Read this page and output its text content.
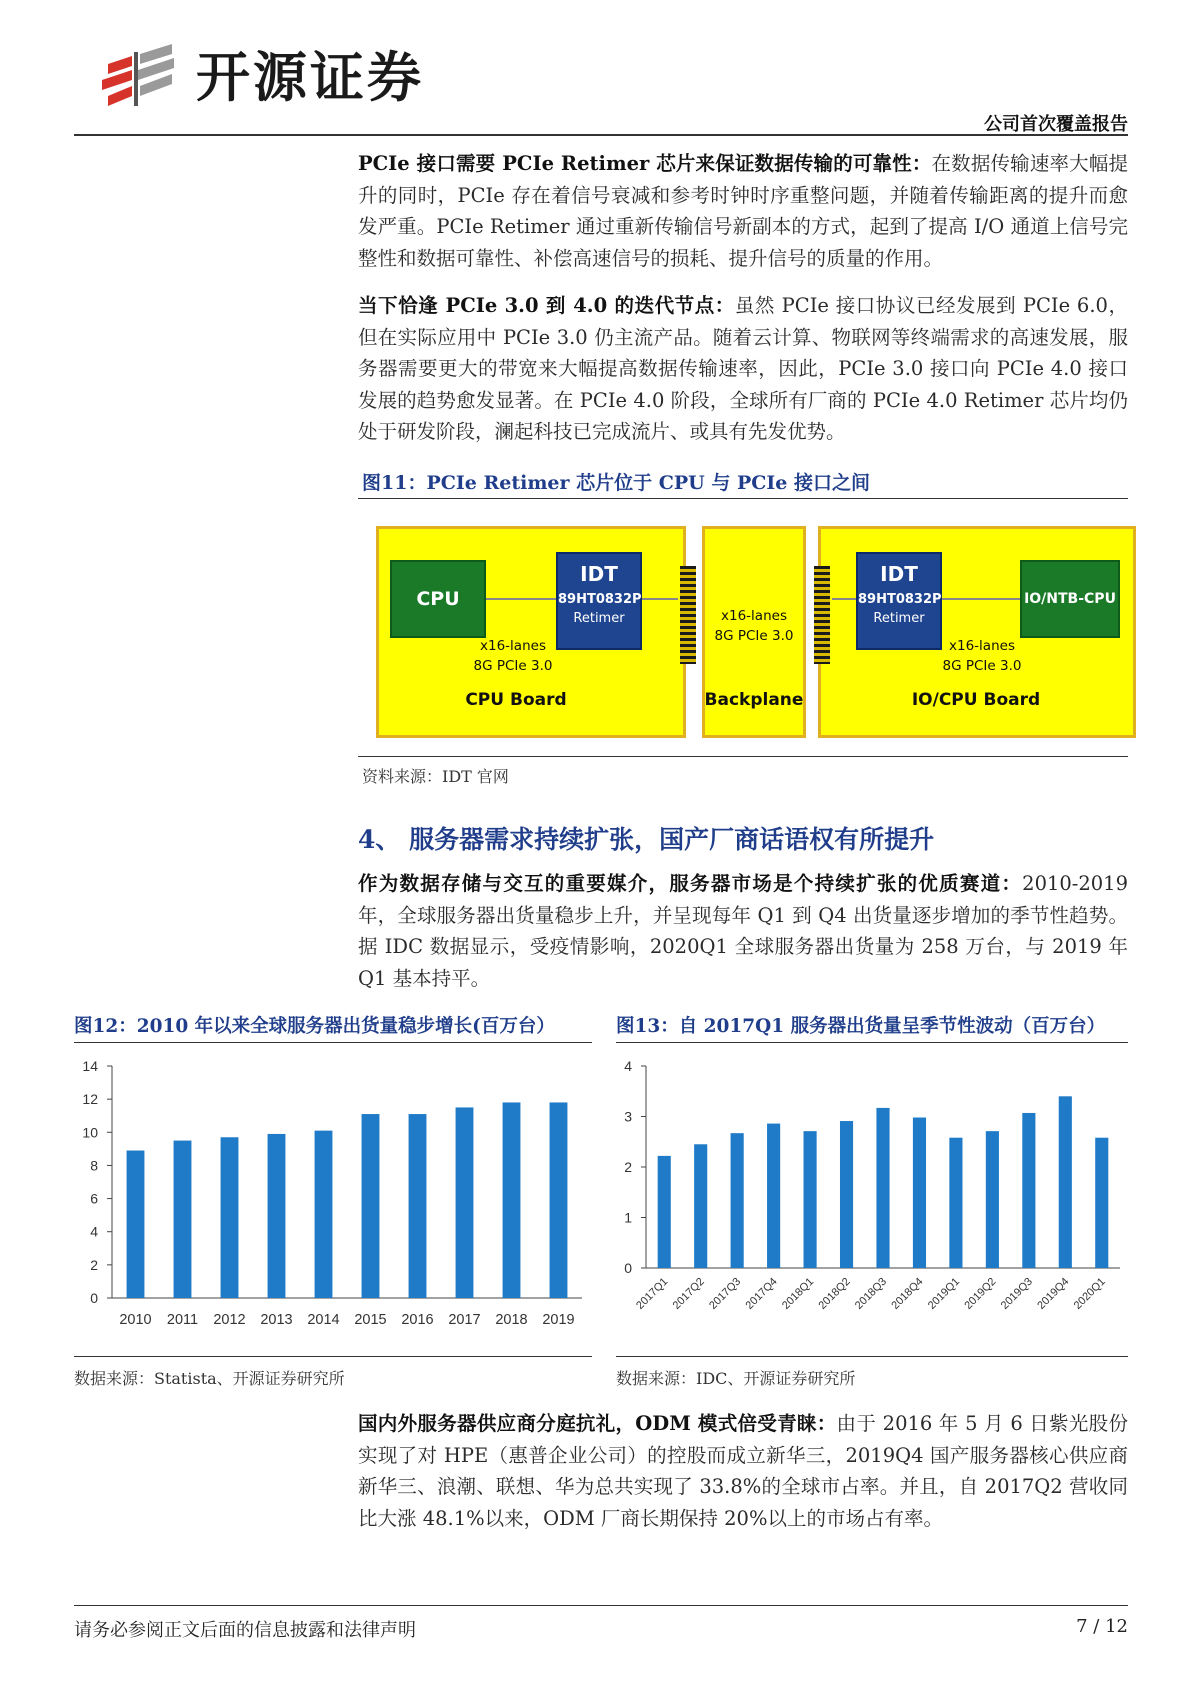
开源证券
公司首次覆盖报告
PCIe 接口需要 PCIe Retimer 芯片来保证数据传输的可靠性：在数据传输速率大幅提升的同时，PCIe 存在着信号衰减和参考时钟时序重整问题，并随着传输距离的提升而愈发严重。PCIe Retimer 通过重新传输信号新副本的方式，起到了提高 I/O 通道上信号完整性和数据可靠性、补偿高速信号的损耗、提升信号的质量的作用。
当下恰逢 PCIe 3.0 到 4.0 的迭代节点：虽然 PCIe 接口协议已经发展到 PCIe 6.0，但在实际应用中 PCIe 3.0 仍主流产品。随着云计算、物联网等终端需求的高速发展，服务器需要更大的带宽来大幅提高数据传输速率，因此，PCIe 3.0 接口向 PCIe 4.0 接口发展的趋势愈发显著。在 PCIe 4.0 阶段，全球所有厂商的 PCIe 4.0 Retimer 芯片均仍处于研发阶段，澜起科技已完成流片、或具有先发优势。
图11：PCIe Retimer 芯片位于 CPU 与 PCIe 接口之间
CPU
IDT
89HT0832P
Retimer
x16-lanes
8G PCIe 3.0
CPU Board
x16-lanes
8G PCIe 3.0
Backplane
IDT
89HT0832P
Retimer
IO/NTB-CPU
x16-lanes
8G PCIe 3.0
IO/CPU Board
资料来源：IDT 官网
4、 服务器需求持续扩张，国产厂商话语权有所提升
作为数据存储与交互的重要媒介，服务器市场是个持续扩张的优质赛道：2010-2019 年，全球服务器出货量稳步上升，并呈现每年 Q1 到 Q4 出货量逐步增加的季节性趋势。据 IDC 数据显示，受疫情影响，2020Q1 全球服务器出货量为 258 万台，与 2019 年 Q1 基本持平。
图12：2010 年以来全球服务器出货量稳步增长(百万台）
0
2
4
6
8
10
12
14
2010 2011 2012 2013 2014 2015 2016 2017 2018 2019
数据来源：Statista、开源证券研究所
图13：自 2017Q1 服务器出货量呈季节性波动（百万台）
0
1
2
3
4
2017Q1 2017Q2 2017Q3 2017Q4 2018Q1 2018Q2 2018Q3 2018Q4 2019Q1 2019Q2 2019Q3 2019Q4 2020Q1
数据来源：IDC、开源证券研究所
国内外服务器供应商分庭抗礼，ODM 模式倍受青睐：由于 2016 年 5 月 6 日紫光股份实现了对 HPE（惠普企业公司）的控股而成立新华三，2019Q4 国产服务器核心供应商新华三、浪潮、联想、华为总共实现了 33.8%的全球市占率。并且，自 2017Q2 营收同比大涨 48.1%以来，ODM 厂商长期保持 20%以上的市场占有率。
请务必参阅正文后面的信息披露和法律声明	7 / 12
